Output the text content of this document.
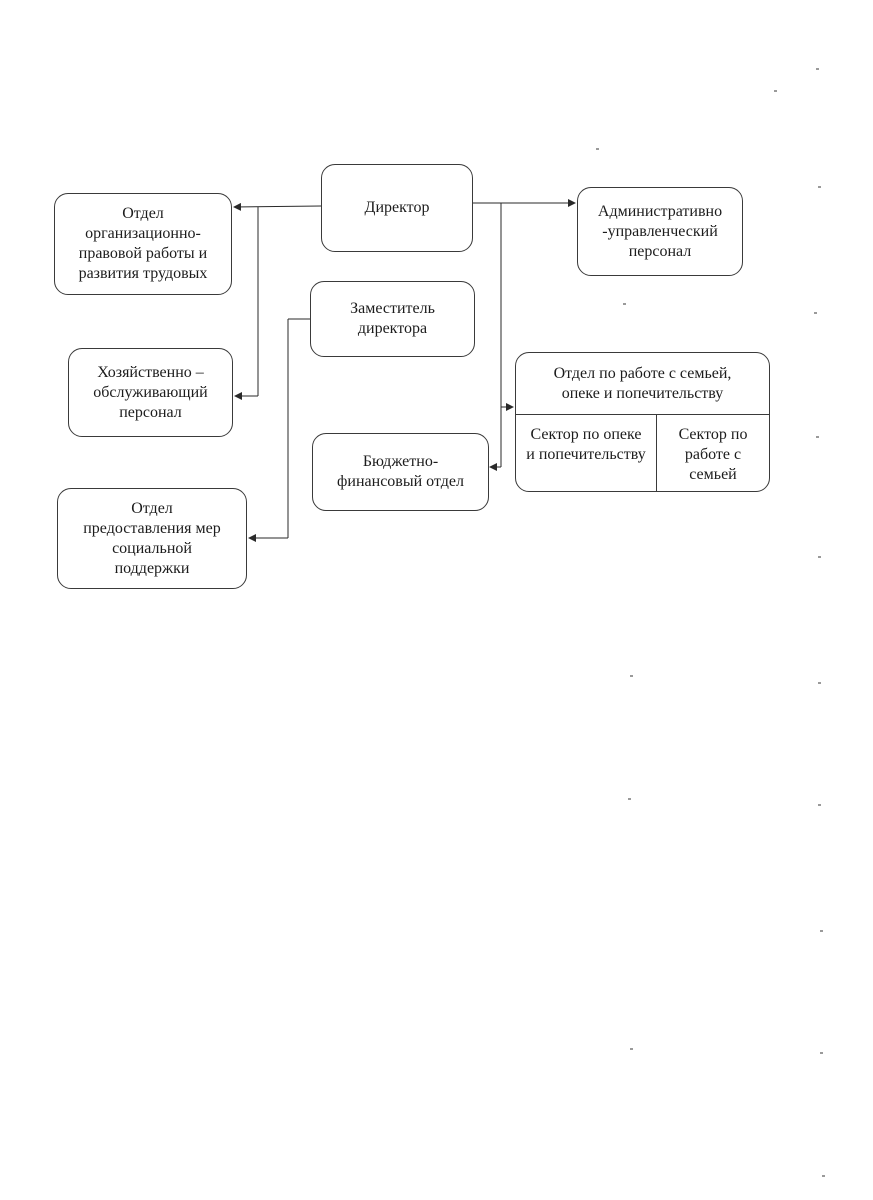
Директор	Административно
-управленческий
персонал
Отдел
организационно-
правовой работы и
развития трудовых
Заместитель
директора
Хозяйственно –
обслуживающий
персонал
Бюджетно-
финансовый отдел
Отдел
предоставления мер
социальной
поддержки
Отдел по работе с семьей,
опеке и попечительству
Сектор по опеке
и попечительству
Сектор по
работе с
семьей
